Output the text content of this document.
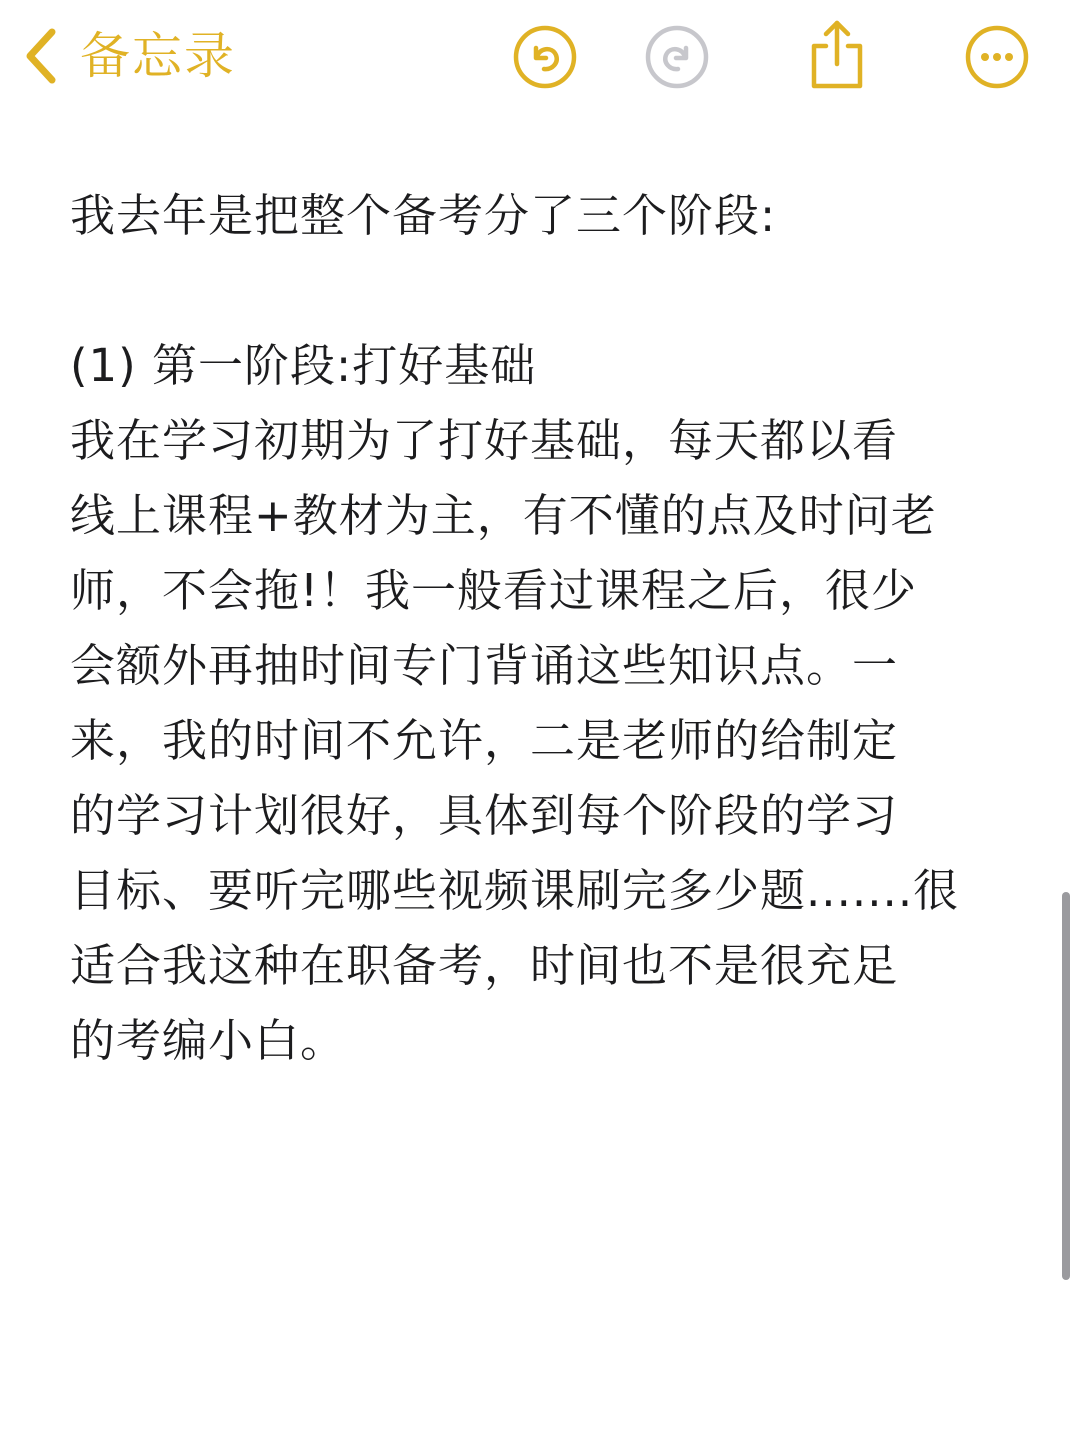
备忘录
我去年是把整个备考分了三个阶段:
(1) 第一阶段:打好基础
我在学习初期为了打好基础，每天都以看
线上课程+教材为主，有不懂的点及时问老
师，不会拖!！我一般看过课程之后，很少
会额外再抽时间专门背诵这些知识点。一
来，我的时间不允许，二是老师的给制定
的学习计划很好，具体到每个阶段的学习
目标、要听完哪些视频课刷完多少题.......很
适合我这种在职备考，时间也不是很充足
的考编小白。
